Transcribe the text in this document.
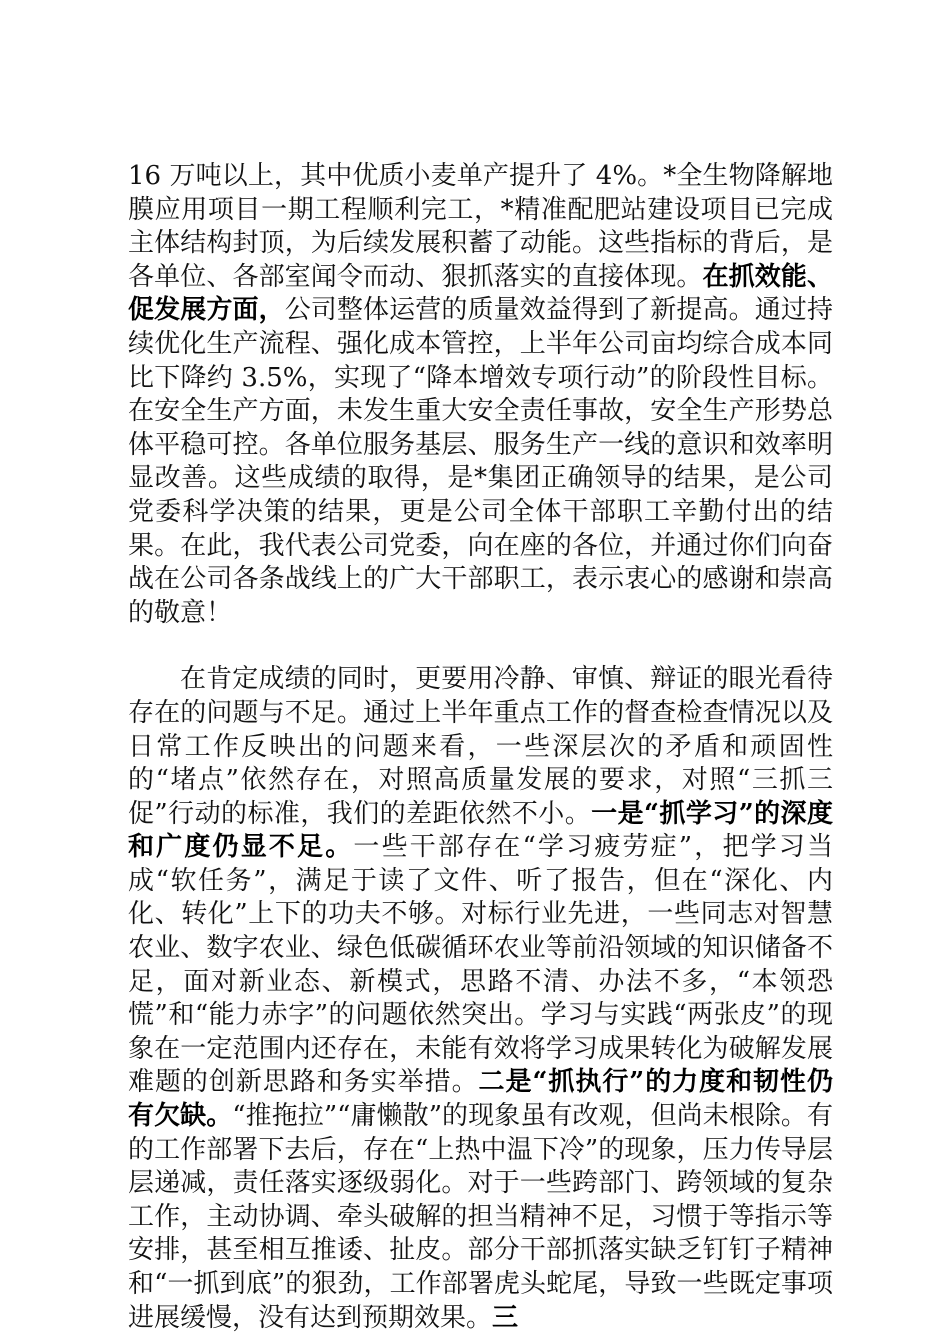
16 万吨以上，其中优质小麦单产提升了 4%。*全生物降解地膜应用项目一期工程顺利完工，*精准配肥站建设项目已完成主体结构封顶，为后续发展积蓄了动能。这些指标的背后，是各单位、各部室闻令而动、狠抓落实的直接体现。在抓效能、促发展方面，公司整体运营的质量效益得到了新提高。通过持续优化生产流程、强化成本管控，上半年公司亩均综合成本同比下降约 3.5%，实现了“降本增效专项行动”的阶段性目标。在安全生产方面，未发生重大安全责任事故，安全生产形势总体平稳可控。各单位服务基层、服务生产一线的意识和效率明显改善。这些成绩的取得，是*集团正确领导的结果，是公司党委科学决策的结果，更是公司全体干部职工辛勤付出的结果。在此，我代表公司党委，向在座的各位，并通过你们向奋战在公司各条战线上的广大干部职工，表示衷心的感谢和崇高的敬意！

在肯定成绩的同时，更要用冷静、审慎、辩证的眼光看待存在的问题与不足。通过上半年重点工作的督查检查情况以及日常工作反映出的问题来看，一些深层次的矛盾和顽固性的“堵点”依然存在，对照高质量发展的要求，对照“三抓三促”行动的标准，我们的差距依然不小。一是“抓学习”的深度和广度仍显不足。一些干部存在“学习疲劳症”，把学习当成“软任务”，满足于读了文件、听了报告，但在“深化、内化、转化”上下的功夫不够。对标行业先进，一些同志对智慧农业、数字农业、绿色低碳循环农业等前沿领域的知识储备不足，面对新业态、新模式，思路不清、办法不多，“本领恐慌”和“能力赤字”的问题依然突出。学习与实践“两张皮”的现象在一定范围内还存在，未能有效将学习成果转化为破解发展难题的创新思路和务实举措。二是“抓执行”的力度和韧性仍有欠缺。“推拖拉”“庸懒散”的现象虽有改观，但尚未根除。有的工作部署下去后，存在“上热中温下冷”的现象，压力传导层层递减，责任落实逐级弱化。对于一些跨部门、跨领域的复杂工作，主动协调、牵头破解的担当精神不足，习惯于等指示等安排，甚至相互推诿、扯皮。部分干部抓落实缺乏钉钉子精神和“一抓到底”的狠劲，工作部署虎头蛇尾，导致一些既定事项进展缓慢，没有达到预期效果。三
